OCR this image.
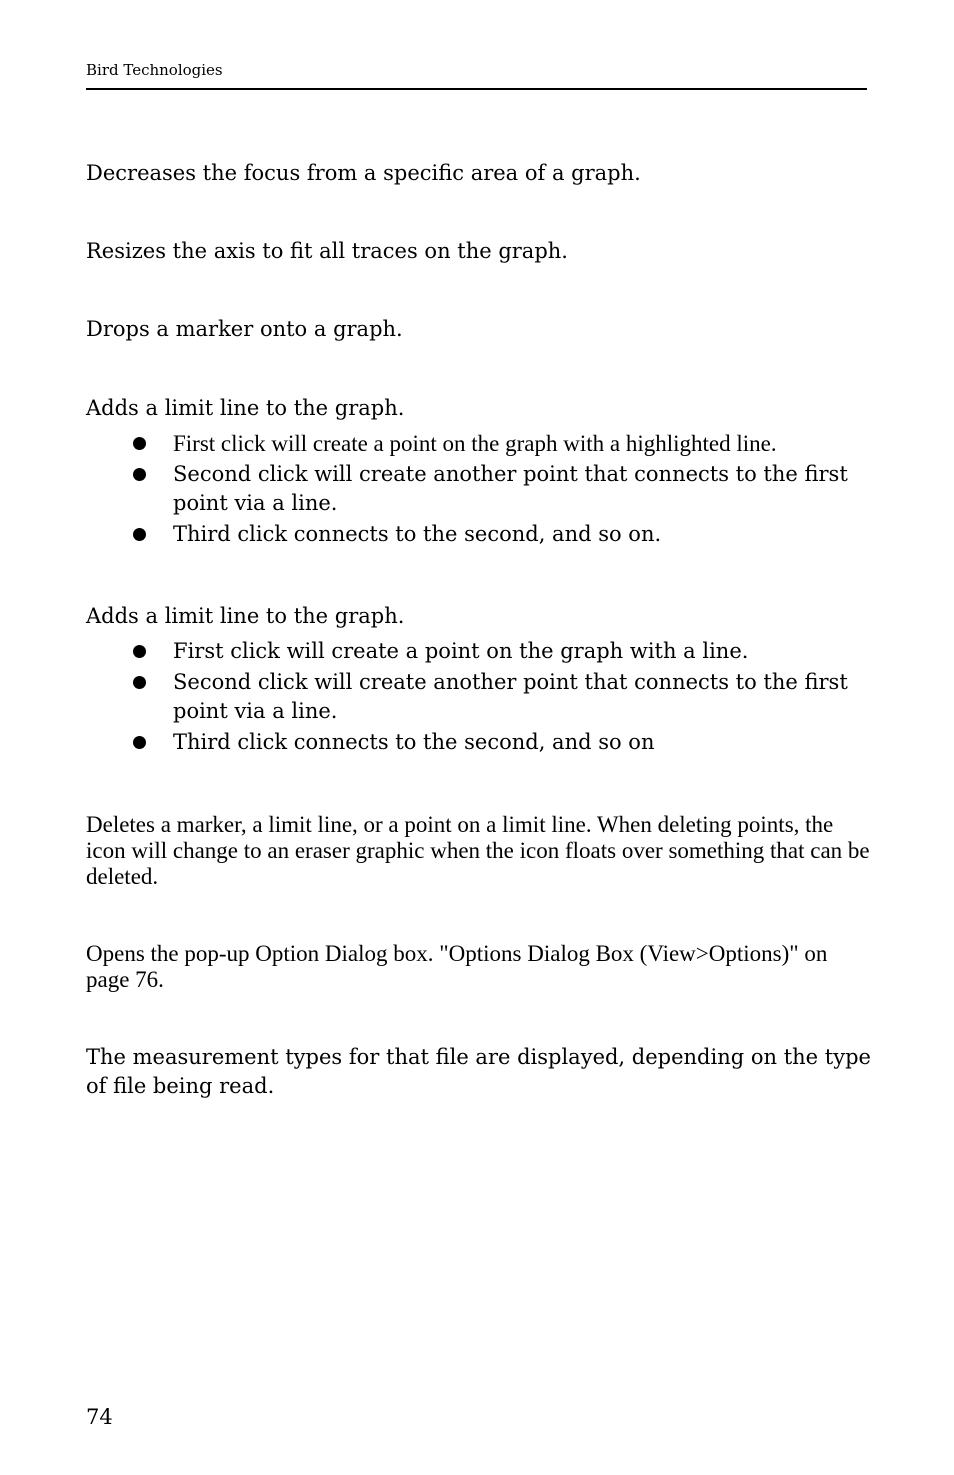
Bird Technologies

Decreases the focus from a specific area of a graph.

Resizes the axis to fit all traces on the graph.

Drops a marker onto a graph.

Adds a limit line to the graph.

First click will create a point on the graph with a highlighted line.
Second click will create another point that connects to the first point via a line.
Third click connects to the second, and so on.

Adds a limit line to the graph.

First click will create a point on the graph with a line.
Second click will create another point that connects to the first point via a line.
Third click connects to the second, and so on

Deletes a marker, a limit line, or a point on a limit line. When deleting points, the icon will change to an eraser graphic when the icon floats over something that can be deleted.

Opens the pop-up Option Dialog box. "Options Dialog Box (View>Options)" on page 76.

The measurement types for that file are displayed, depending on the type of file being read.

74
